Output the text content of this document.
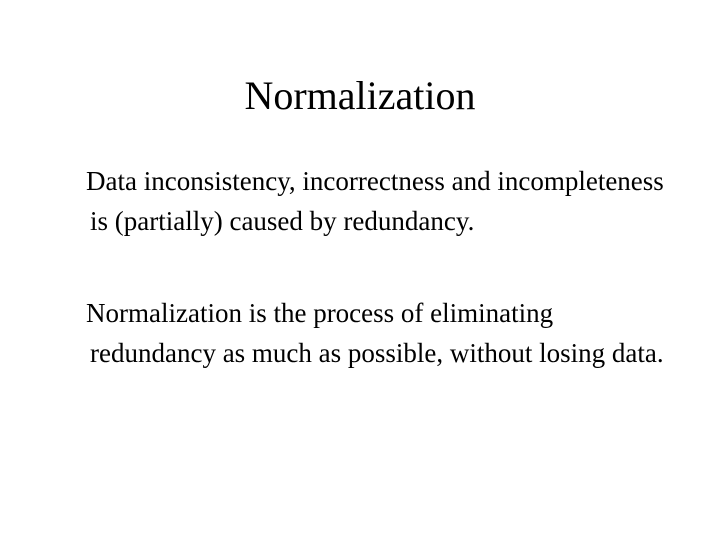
Normalization

Data inconsistency, incorrectness and incompleteness is (partially) caused by redundancy.

Normalization is the process of eliminating redundancy as much as possible, without losing data.
